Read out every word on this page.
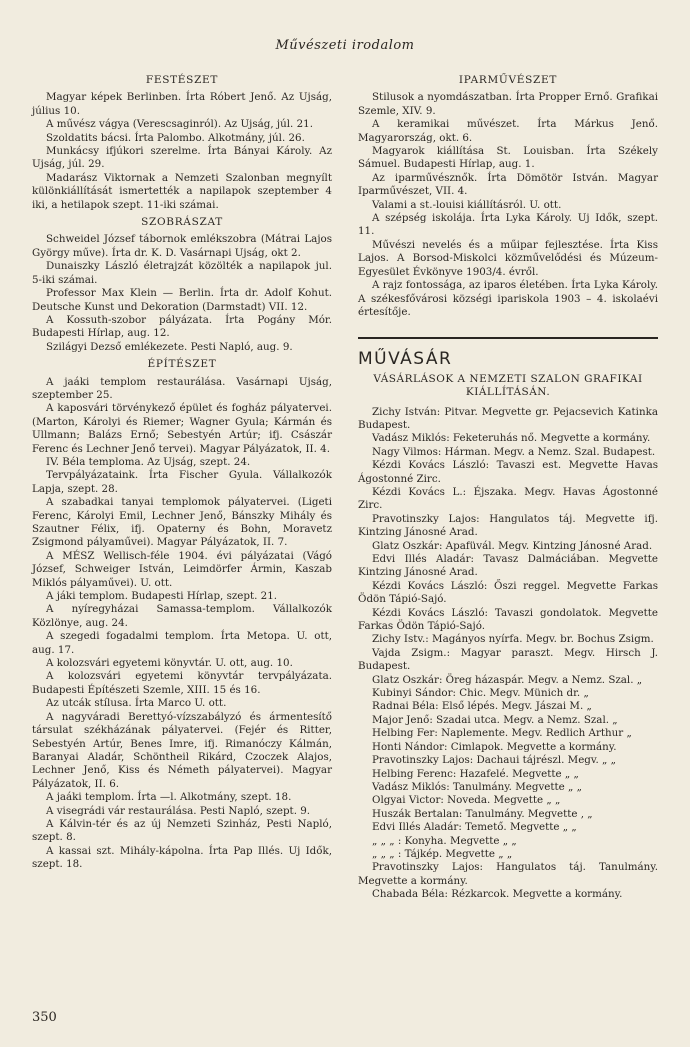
Művészeti irodalom
FESTÉSZET

Magyar képek Berlinben. Írta Róbert Jenő. Az Ujság, július 10.

A művész vágya (Verescsaginról). Az Ujság, júl. 21.

Szoldatits bácsi. Írta Palombo. Alkotmány, júl. 26.

Munkácsy ifjúkori szerelme. Írta Bányai Károly. Az Ujság, júl. 29.

Madarász Viktornak a Nemzeti Szalonban megnyílt különkiállítását ismertették a napilapok szeptember 4 iki, a hetilapok szept. 11-iki számai.

SZOBRÁSZAT

Schweidel József tábornok emlékszobra (Mátrai Lajos György műve). Írta dr. K. D. Vasárnapi Ujság, okt 2.

Dunaiszky László életrajzát közölték a napilapok jul. 5-iki számai.

Professor Max Klein — Berlin. Írta dr. Adolf Kohut. Deutsche Kunst und Dekoration (Darmstadt) VII. 12.

A Kossuth-szobor pályázata. Írta Pogány Mór. Budapesti Hírlap, aug. 12.

Szilágyi Dezső emlékezete. Pesti Napló, aug. 9.

ÉPÍTÉSZET

A jaáki templom restaurálása. Vasárnapi Ujság, szeptember 25.

A kaposvári törvénykező épület és fogház pályatervei. (Marton, Károlyi és Riemer; Wagner Gyula; Kármán és Ullmann; Balázs Ernő; Sebestyén Artúr; ifj. Császár Ferenc és Lechner Jenő tervei). Magyar Pályázatok, II. 4.

IV. Béla temploma. Az Ujság, szept. 24.

Tervpályázataink. Írta Fischer Gyula. Vállalkozók Lapja, szept. 28.

A szabadkai tanyai templomok pályatervei. (Ligeti Ferenc, Károlyi Emil, Lechner Jenő, Bánszky Mihály és Szautner Félix, ifj. Opaterny és Bohn, Moravetz Zsigmond pályaművei). Magyar Pályázatok, II. 7.

A MÉSZ Wellisch-féle 1904. évi pályázatai (Vágó József, Schweiger István, Leimdörfer Ármin, Kaszab Miklós pályaművei). U. ott.

A jáki templom. Budapesti Hírlap, szept. 21.

A nyíregyházai Samassa-templom. Vállalkozók Közlönye, aug. 24.

A szegedi fogadalmi templom. Írta Metopa. U. ott, aug. 17.

A kolozsvári egyetemi könyvtár. U. ott, aug. 10.

A kolozsvári egyetemi könyvtár tervpályázata. Budapesti Építészeti Szemle, XIII. 15 és 16.

Az utcák stílusa. Írta Marco U. ott.

A nagyváradi Berettyó-vízszabályzó és ármentesítő társulat székházának pályatervei. (Fejér és Ritter, Sebestyén Artúr, Benes Imre, ifj. Rimanóczy Kálmán, Baranyai Aladár, Schöntheil Rikárd, Czoczek Alajos, Lechner Jenő, Kiss és Németh pályatervei). Magyar Pályázatok, II. 6.

A jaáki templom. Írta —l. Alkotmány, szept. 18.

A visegrádi vár restaurálása. Pesti Napló, szept. 9.

A Kálvin-tér és az új Nemzeti Szinház, Pesti Napló, szept. 8.

A kassai szt. Mihály-kápolna. Írta Pap Illés. Uj Idők, szept. 18.

IPARMŰVÉSZET

Stilusok a nyomdászatban. Írta Propper Ernő. Grafikai Szemle, XIV. 9.

A keramikai művészet. Írta Márkus Jenő. Magyarország, okt. 6.

Magyarok kiállítása St. Louisban. Írta Székely Sámuel. Budapesti Hírlap, aug. 1.

Az iparművésznők. Írta Dömötör István. Magyar Iparművészet, VII. 4.

Valami a st.-louisi kiállításról. U. ott.

A szépség iskolája. Írta Lyka Károly. Uj Idők, szept. 11.

Művészi nevelés és a műipar fejlesztése. Írta Kiss Lajos. A Borsod-Miskolci közművelődési és Múzeum-Egyesület Évkönyve 1903/4. évről.

A rajz fontossága, az iparos életében. Írta Lyka Károly. A székesfővárosi községi ipariskola 1903 – 4. iskolaévi értesítője.

MŰVÁSÁR
VÁSÁRLÁSOK A NEMZETI SZALON GRAFIKAI KIÁLLÍTÁSÁN.

Zichy István: Pitvar. Megvette gr. Pejacsevich Katinka Budapest.

Vadász Miklós: Feketeruhás nő. Megvette a kormány.

Nagy Vilmos: Hárman. Megv. a Nemz. Szal. Budapest.

Kézdi Kovács László: Tavaszi est. Megvette Havas Ágostonné Zirc.

Kézdi Kovács L.: Éjszaka. Megv. Havas Ágostonné Zirc.

Pravotinszky Lajos: Hangulatos táj. Megvette ifj. Kintzing Jánosné Arad.

Glatz Oszkár: Apafüvál. Megv. Kintzing Jánosné Arad.

Edvi Illés Aladár: Tavasz Dalmáciában. Megvette Kintzing Jánosné Arad.

Kézdi Kovács László: Őszi reggel. Megvette Farkas Ödön Tápió-Sajó.

Kézdi Kovács László: Tavaszi gondolatok. Megvette Farkas Ödön Tápió-Sajó.

Zichy Istv.: Magányos nyírfa. Megv. br. Bochus Zsigm.

Vajda Zsigm.: Magyar paraszt. Megv. Hirsch J. Budapest.

Glatz Oszkár: Öreg házaspár. Megv. a Nemz. Szal. „

Kubinyi Sándor: Chic. Megv. Münich dr. „

Radnai Béla: Első lépés. Megv. Jászai M. „

Major Jenő: Szadai utca. Megv. a Nemz. Szal. „

Helbing Fer: Naplemente. Megv. Redlich Arthur „

Honti Nándor: Cimlapok. Megvette a kormány.

Pravotinszky Lajos: Dachaui tájrészl. Megv. „ „

Helbing Ferenc: Hazafelé. Megvette „ „

Vadász Miklós: Tanulmány. Megvette „ „

Olgyai Victor: Noveda. Megvette „ „

Huszák Bertalan: Tanulmány. Megvette , „

Edvi Illés Aladár: Temető. Megvette „ „

„ „ „ : Konyha. Megvette „ „

„ „ „ : Tájkép. Megvette „ „

Pravotinszky Lajos: Hangulatos táj. Tanulmány. Megvette a kormány.

Chabada Béla: Rézkarcok. Megvette a kormány.

350
